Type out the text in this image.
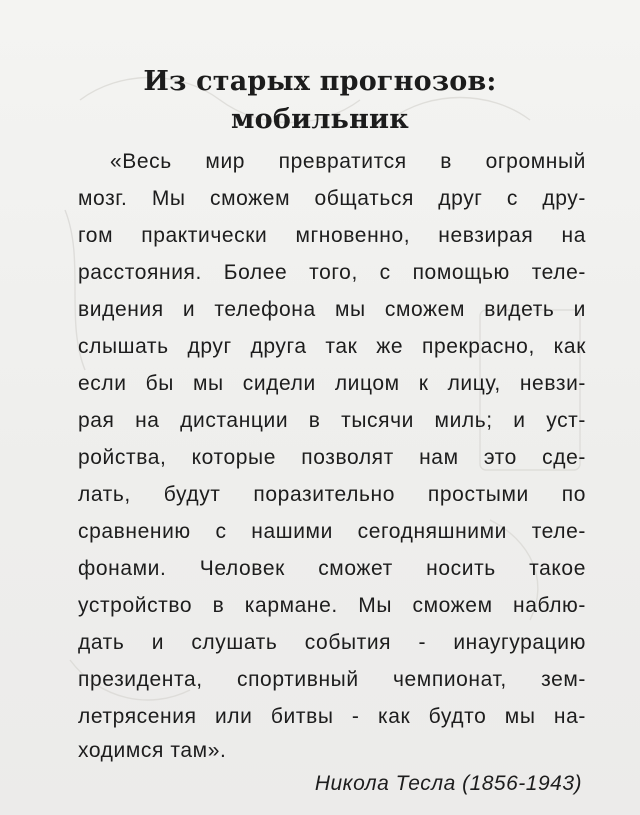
Из старых прогнозов:
мобильник
«Весь мир превратится в огромный
мозг. Мы сможем общаться друг с дру-
гом практически мгновенно, невзирая на
расстояния. Более того, с помощью теле-
видения и телефона мы сможем видеть и
слышать друг друга так же прекрасно, как
если бы мы сидели лицом к лицу, невзи-
рая на дистанции в тысячи миль; и уст-
ройства, которые позволят нам это сде-
лать, будут поразительно простыми по
сравнению с нашими сегодняшними теле-
фонами. Человек сможет носить такое
устройство в кармане. Мы сможем наблю-
дать и слушать события - инаугурацию
президента, спортивный чемпионат, зем-
летрясения или битвы - как будто мы на-
ходимся там».
Никола Тесла (1856-1943)
